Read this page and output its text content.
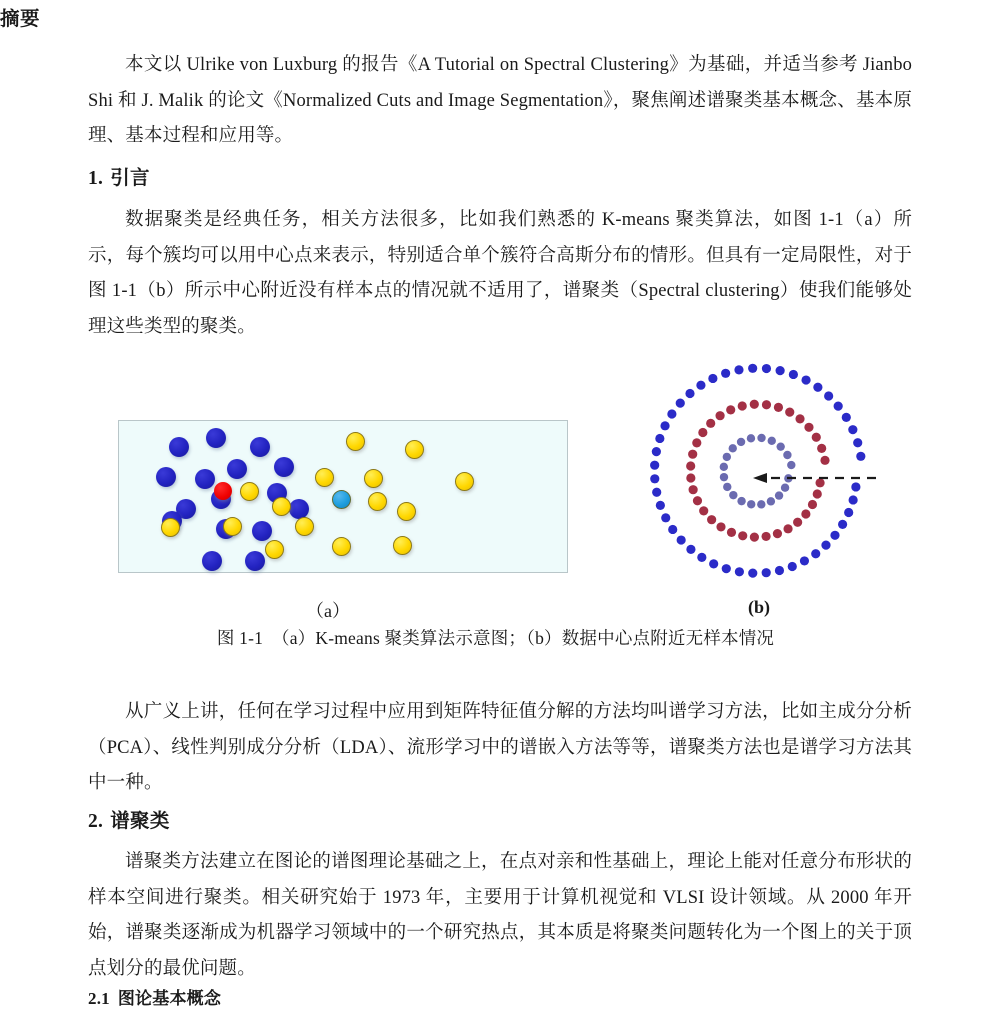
摘要

本文以 Ulrike von Luxburg 的报告《A Tutorial on Spectral Clustering》为基础，并适当参考 Jianbo Shi 和 J. Malik 的论文《Normalized Cuts and Image Segmentation》，聚焦阐述谱聚类基本概念、基本原理、基本过程和应用等。

1. 引言

数据聚类是经典任务，相关方法很多，比如我们熟悉的 K-means 聚类算法，如图 1-1（a）所示，每个簇均可以用中心点来表示，特别适合单个簇符合高斯分布的情形。但具有一定局限性，对于图 1-1（b）所示中心附近没有样本点的情况就不适用了，谱聚类（Spectral clustering）使我们能够处理这些类型的聚类。

（a）	(b)
图 1-1　（a）K-means 聚类算法示意图；（b）数据中心点附近无样本情况

从广义上讲，任何在学习过程中应用到矩阵特征值分解的方法均叫谱学习方法，比如主成分分析（PCA）、线性判别成分分析（LDA）、流形学习中的谱嵌入方法等等，谱聚类方法也是谱学习方法其中一种。

2. 谱聚类

谱聚类方法建立在图论的谱图理论基础之上，在点对亲和性基础上，理论上能对任意分布形状的样本空间进行聚类。相关研究始于 1973 年，主要用于计算机视觉和 VLSI 设计领域。从 2000 年开始，谱聚类逐渐成为机器学习领域中的一个研究热点，其本质是将聚类问题转化为一个图上的关于顶点划分的最优问题。

2.1 图论基本概念
